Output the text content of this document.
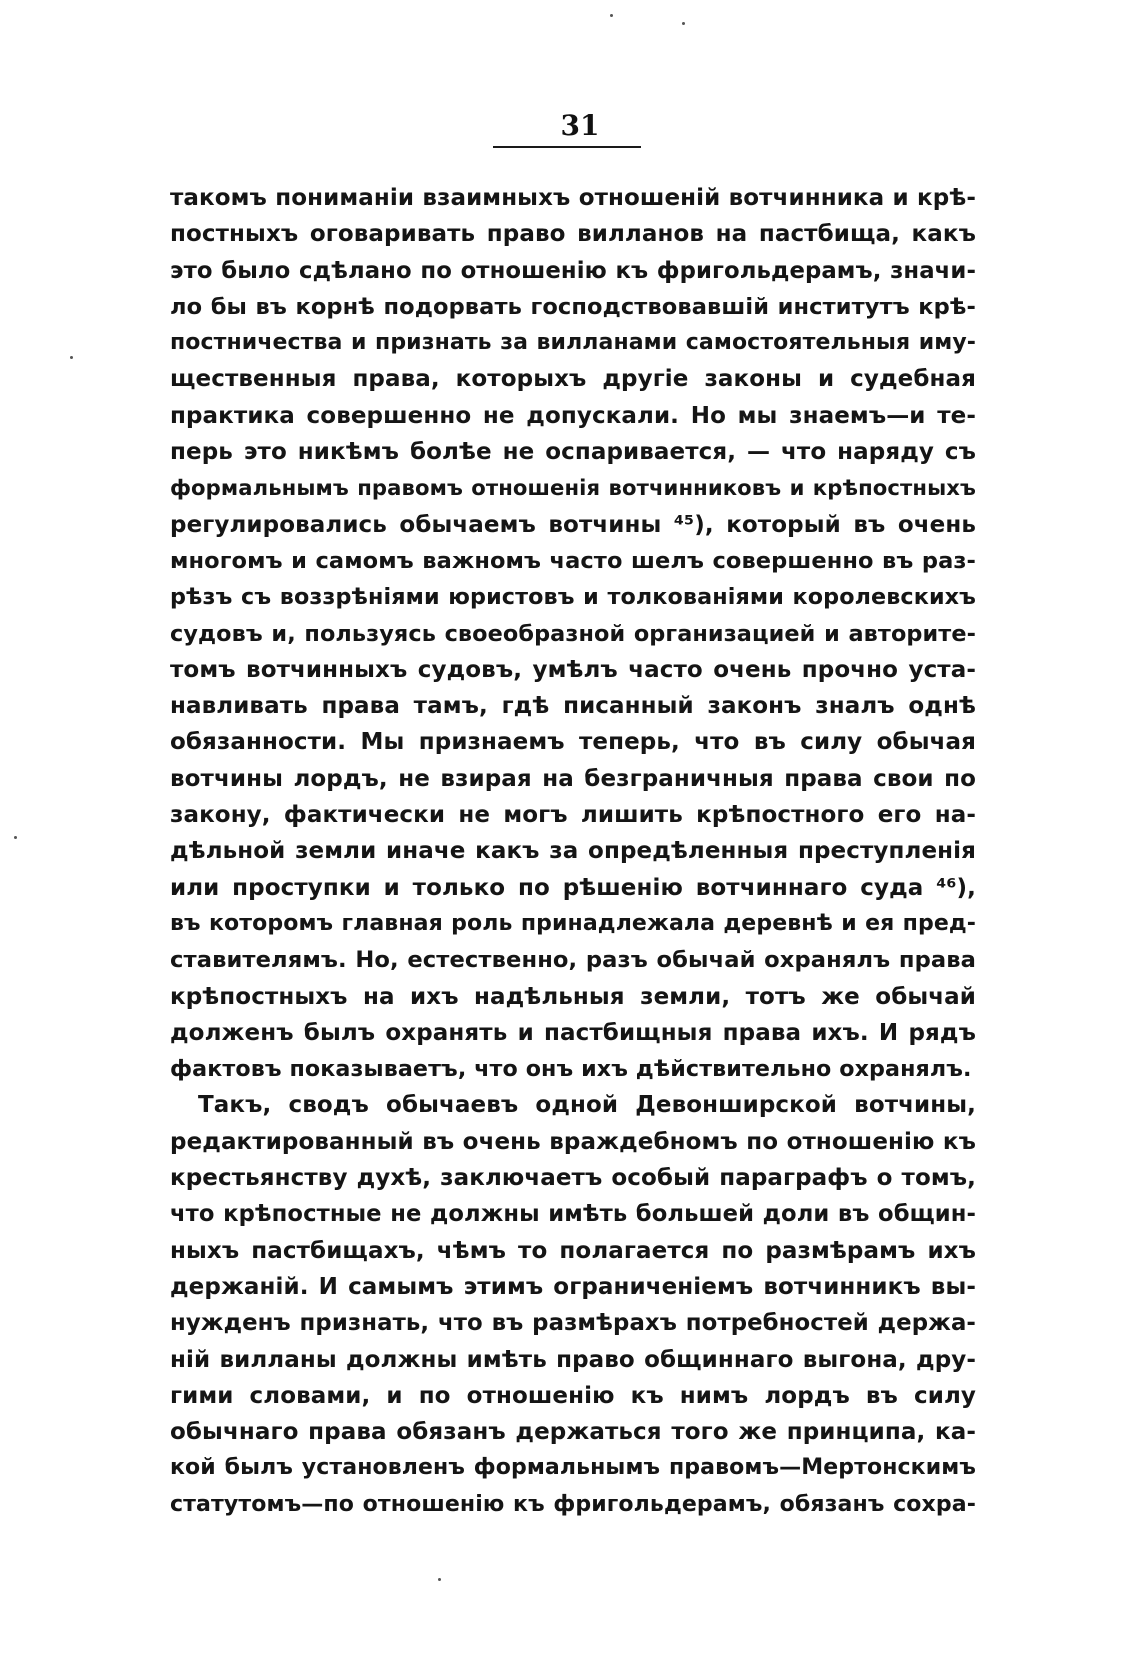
31
такомъ пониманіи взаимныхъ отношеній вотчинника и крѣ-
постныхъ оговаривать право вилланов на пастбища, какъ
это было сдѣлано по отношенію къ фригольдерамъ, значи-
ло бы въ корнѣ подорвать господствовавшій институтъ крѣ-
постничества и признать за вилланами самостоятельныя иму-
щественныя права, которыхъ другіе законы и судебная
практика совершенно не допускали. Но мы знаемъ—и те-
перь это никѣмъ болѣе не оспаривается, — что наряду съ
формальнымъ правомъ отношенія вотчинниковъ и крѣпостныхъ
регулировались обычаемъ вотчины ⁴⁵), который въ очень
многомъ и самомъ важномъ часто шелъ совершенно въ раз-
рѣзъ съ воззрѣніями юристовъ и толкованіями королевскихъ
судовъ и, пользуясь своеобразной организацией и авторите-
томъ вотчинныхъ судовъ, умѣлъ часто очень прочно уста-
навливать права тамъ, гдѣ писанный законъ зналъ однѣ
обязанности. Мы признаемъ теперь, что въ силу обычая
вотчины лордъ, не взирая на безграничныя права свои по
закону, фактически не могъ лишить крѣпостного его на-
дѣльной земли иначе какъ за опредѣленныя преступленія
или проступки и только по рѣшенію вотчиннаго суда ⁴⁶),
въ которомъ главная роль принадлежала деревнѣ и ея пред-
ставителямъ. Но, естественно, разъ обычай охранялъ права
крѣпостныхъ на ихъ надѣльныя земли, тотъ же обычай
долженъ былъ охранять и пастбищныя права ихъ. И рядъ
фактовъ показываетъ, что онъ ихъ дѣйствительно охранялъ.
Такъ, сводъ обычаевъ одной Девонширской вотчины,
редактированный въ очень враждебномъ по отношенію къ
крестьянству духѣ, заключаетъ особый параграфъ о томъ,
что крѣпостные не должны имѣть большей доли въ общин-
ныхъ пастбищахъ, чѣмъ то полагается по размѣрамъ ихъ
держаній. И самымъ этимъ ограниченіемъ вотчинникъ вы-
нужденъ признать, что въ размѣрахъ потребностей держа-
ній вилланы должны имѣть право общиннаго выгона, дру-
гими словами, и по отношенію къ нимъ лордъ въ силу
обычнаго права обязанъ держаться того же принципа, ка-
кой былъ установленъ формальнымъ правомъ—Мертонскимъ
статутомъ—по отношенію къ фригольдерамъ, обязанъ сохра-
